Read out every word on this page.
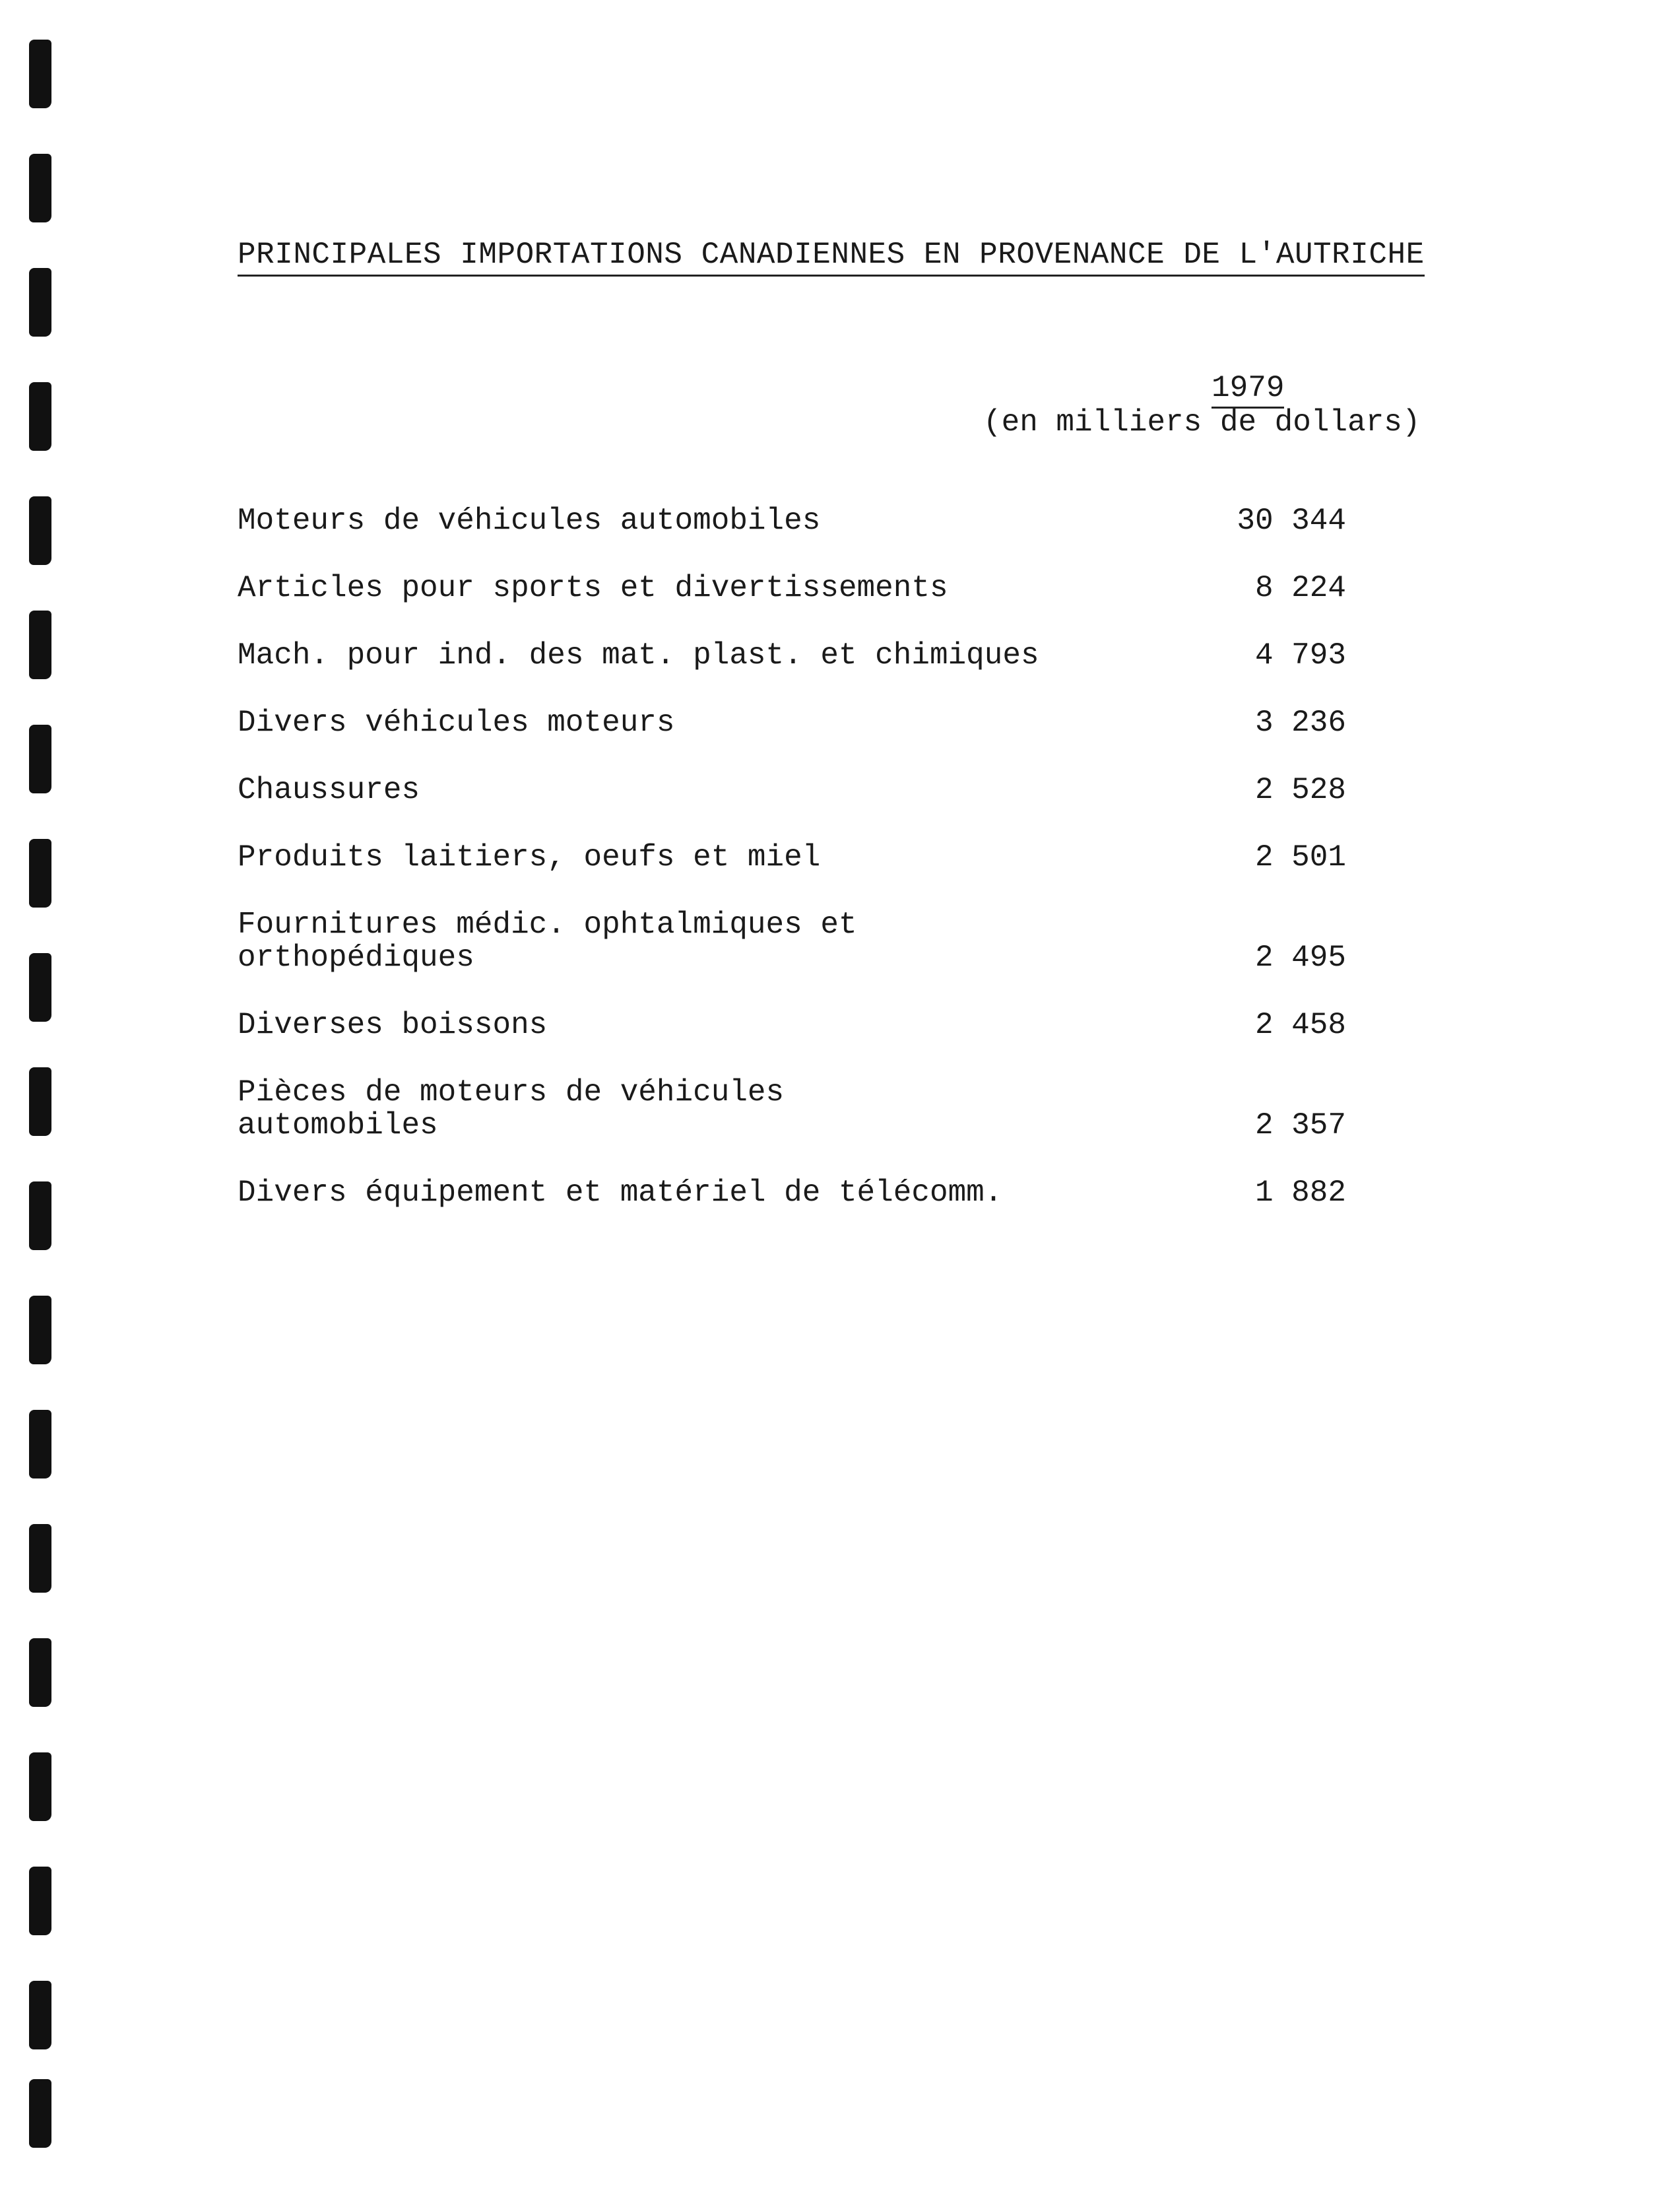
PRINCIPALES IMPORTATIONS CANADIENNES EN PROVENANCE DE L'AUTRICHE
1979
(en milliers de dollars)
Moteurs de véhicules automobiles	30 344
Articles pour sports et divertissements	8 224
Mach. pour ind. des mat. plast. et chimiques	4 793
Divers véhicules moteurs	3 236
Chaussures	2 528
Produits laitiers, oeufs et miel	2 501
Fournitures médic. ophtalmiques et
orthopédiques	2 495
Diverses boissons	2 458
Pièces de moteurs de véhicules
automobiles	2 357
Divers équipement et matériel de télécomm.	1 882
